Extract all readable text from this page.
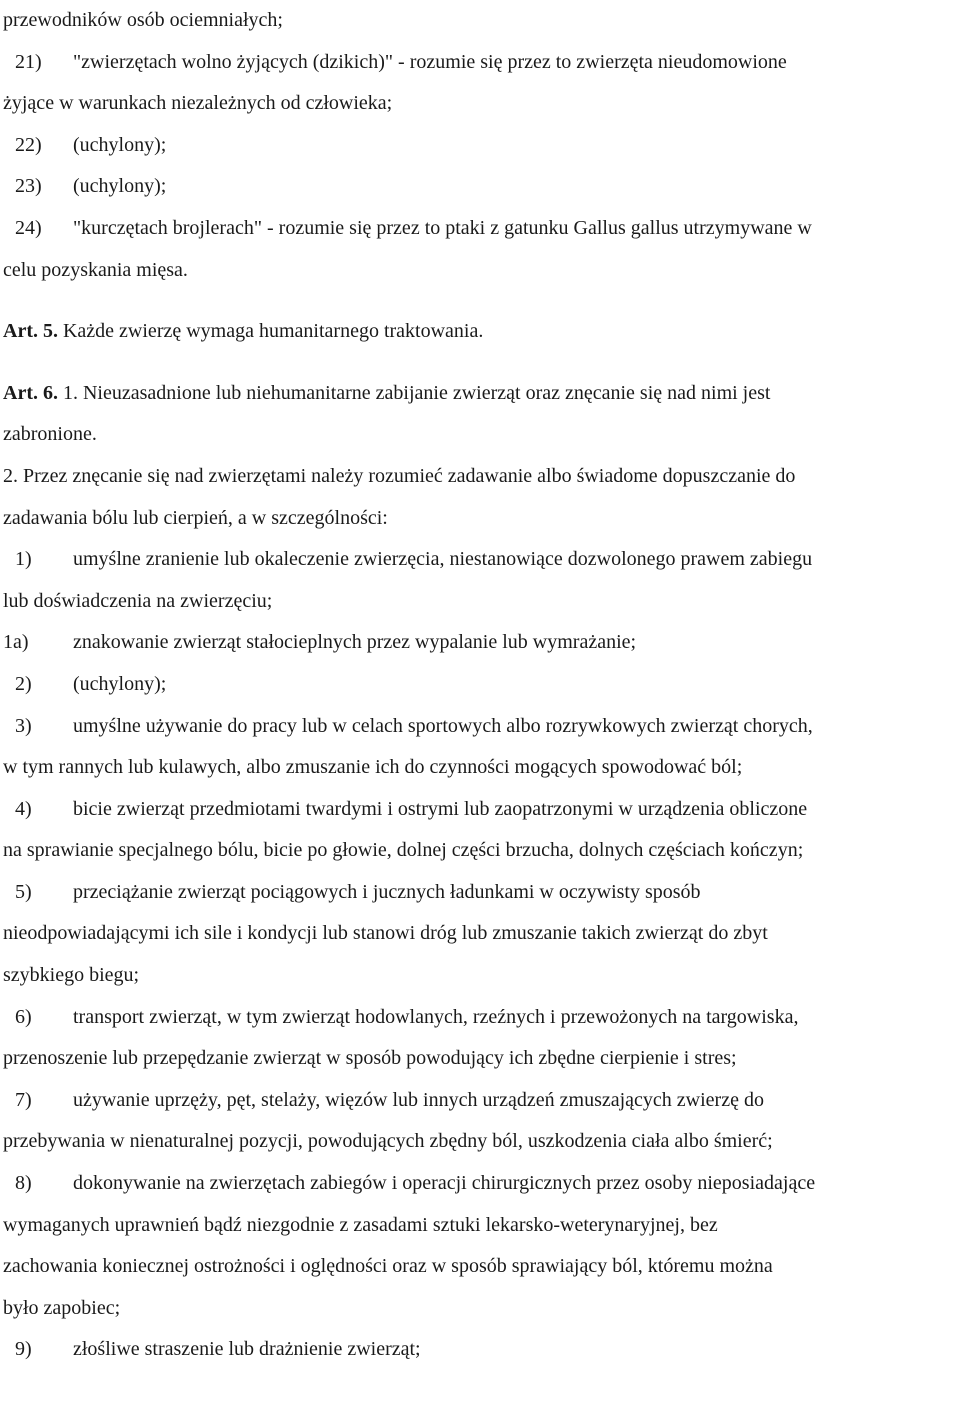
przewodników osób ociemniałych;
21)	"zwierzętach wolno żyjących (dzikich)" - rozumie się przez to zwierzęta nieudomowione
żyjące w warunkach niezależnych od człowieka;
22)	(uchylony);
23)	(uchylony);
24)	"kurczętach brojlerach" - rozumie się przez to ptaki z gatunku Gallus gallus utrzymywane w
celu pozyskania mięsa.
Art. 5. Każde zwierzę wymaga humanitarnego traktowania.
Art. 6. 1. Nieuzasadnione lub niehumanitarne zabijanie zwierząt oraz znęcanie się nad nimi jest
zabronione.
2. Przez znęcanie się nad zwierzętami należy rozumieć zadawanie albo świadome dopuszczanie do
zadawania bólu lub cierpień, a w szczególności:
1)	umyślne zranienie lub okaleczenie zwierzęcia, niestanowiące dozwolonego prawem zabiegu
lub doświadczenia na zwierzęciu;
1a)	znakowanie zwierząt stałocieplnych przez wypalanie lub wymrażanie;
2)	(uchylony);
3)	umyślne używanie do pracy lub w celach sportowych albo rozrywkowych zwierząt chorych,
w tym rannych lub kulawych, albo zmuszanie ich do czynności mogących spowodować ból;
4)	bicie zwierząt przedmiotami twardymi i ostrymi lub zaopatrzonymi w urządzenia obliczone
na sprawianie specjalnego bólu, bicie po głowie, dolnej części brzucha, dolnych częściach kończyn;
5)	przeciążanie zwierząt pociągowych i jucznych ładunkami w oczywisty sposób
nieodpowiadającymi ich sile i kondycji lub stanowi dróg lub zmuszanie takich zwierząt do zbyt
szybkiego biegu;
6)	transport zwierząt, w tym zwierząt hodowlanych, rzeźnych i przewożonych na targowiska,
przenoszenie lub przepędzanie zwierząt w sposób powodujący ich zbędne cierpienie i stres;
7)	używanie uprzęży, pęt, stelaży, więzów lub innych urządzeń zmuszających zwierzę do
przebywania w nienaturalnej pozycji, powodujących zbędny ból, uszkodzenia ciała albo śmierć;
8)	dokonywanie na zwierzętach zabiegów i operacji chirurgicznych przez osoby nieposiadające
wymaganych uprawnień bądź niezgodnie z zasadami sztuki lekarsko-weterynaryjnej, bez
zachowania koniecznej ostrożności i oględności oraz w sposób sprawiający ból, któremu można
było zapobiec;
9)	złośliwe straszenie lub drażnienie zwierząt;
